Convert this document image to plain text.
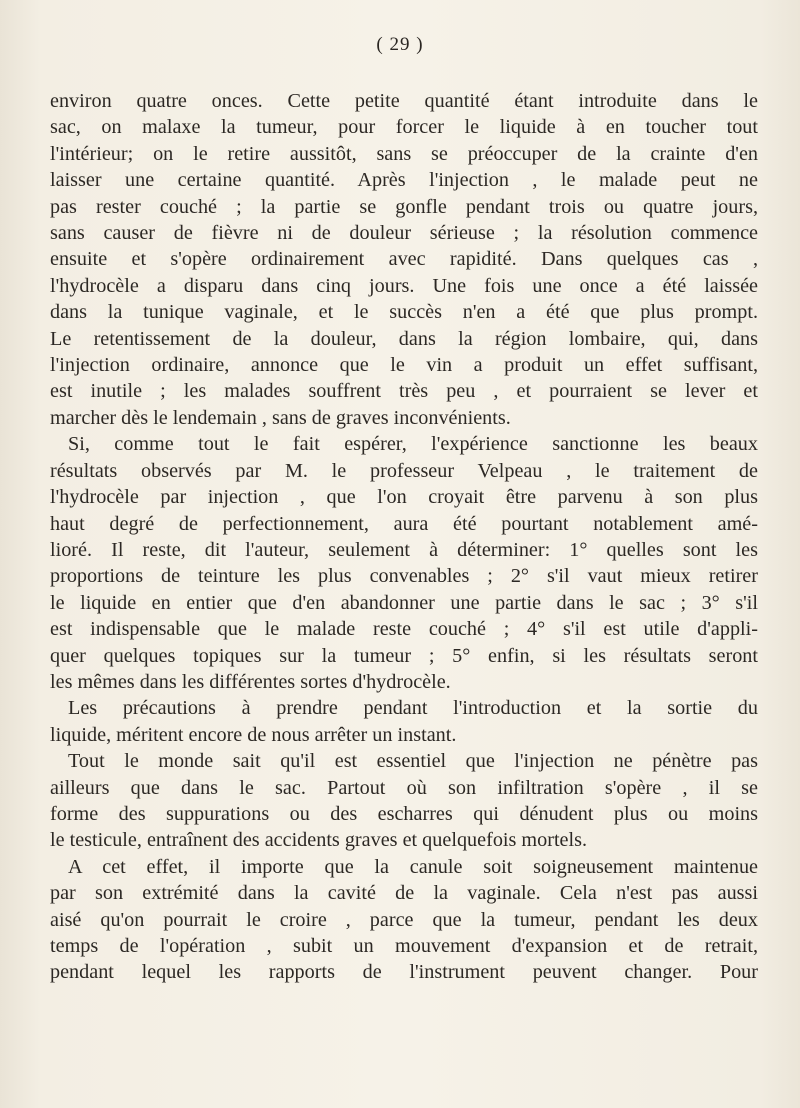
( 29 )

environ quatre onces. Cette petite quantité étant introduite dans le

sac, on malaxe la tumeur, pour forcer le liquide à en toucher tout

l'intérieur; on le retire aussitôt, sans se préoccuper de la crainte d'en

laisser une certaine quantité. Après l'injection , le malade peut ne

pas rester couché ; la partie se gonfle pendant trois ou quatre jours,

sans causer de fièvre ni de douleur sérieuse ; la résolution commence

ensuite et s'opère ordinairement avec rapidité. Dans quelques cas ,

l'hydrocèle a disparu dans cinq jours. Une fois une once a été laissée

dans la tunique vaginale, et le succès n'en a été que plus prompt.

Le retentissement de la douleur, dans la région lombaire, qui, dans

l'injection ordinaire, annonce que le vin a produit un effet suffisant,

est inutile ; les malades souffrent très peu , et pourraient se lever et

marcher dès le lendemain , sans de graves inconvénients.

Si, comme tout le fait espérer, l'expérience sanctionne les beaux

résultats observés par M. le professeur Velpeau , le traitement de

l'hydrocèle par injection , que l'on croyait être parvenu à son plus

haut degré de perfectionnement, aura été pourtant notablement amé-

lioré. Il reste, dit l'auteur, seulement à déterminer: 1° quelles sont les

proportions de teinture les plus convenables ; 2° s'il vaut mieux retirer

le liquide en entier que d'en abandonner une partie dans le sac ; 3° s'il

est indispensable que le malade reste couché ; 4° s'il est utile d'appli-

quer quelques topiques sur la tumeur ; 5° enfin, si les résultats seront

les mêmes dans les différentes sortes d'hydrocèle.

Les précautions à prendre pendant l'introduction et la sortie du

liquide, méritent encore de nous arrêter un instant.

Tout le monde sait qu'il est essentiel que l'injection ne pénètre pas

ailleurs que dans le sac. Partout où son infiltration s'opère , il se

forme des suppurations ou des escharres qui dénudent plus ou moins

le testicule, entraînent des accidents graves et quelquefois mortels.

A cet effet, il importe que la canule soit soigneusement maintenue

par son extrémité dans la cavité de la vaginale. Cela n'est pas aussi

aisé qu'on pourrait le croire , parce que la tumeur, pendant les deux

temps de l'opération , subit un mouvement d'expansion et de retrait,

pendant lequel les rapports de l'instrument peuvent changer. Pour
